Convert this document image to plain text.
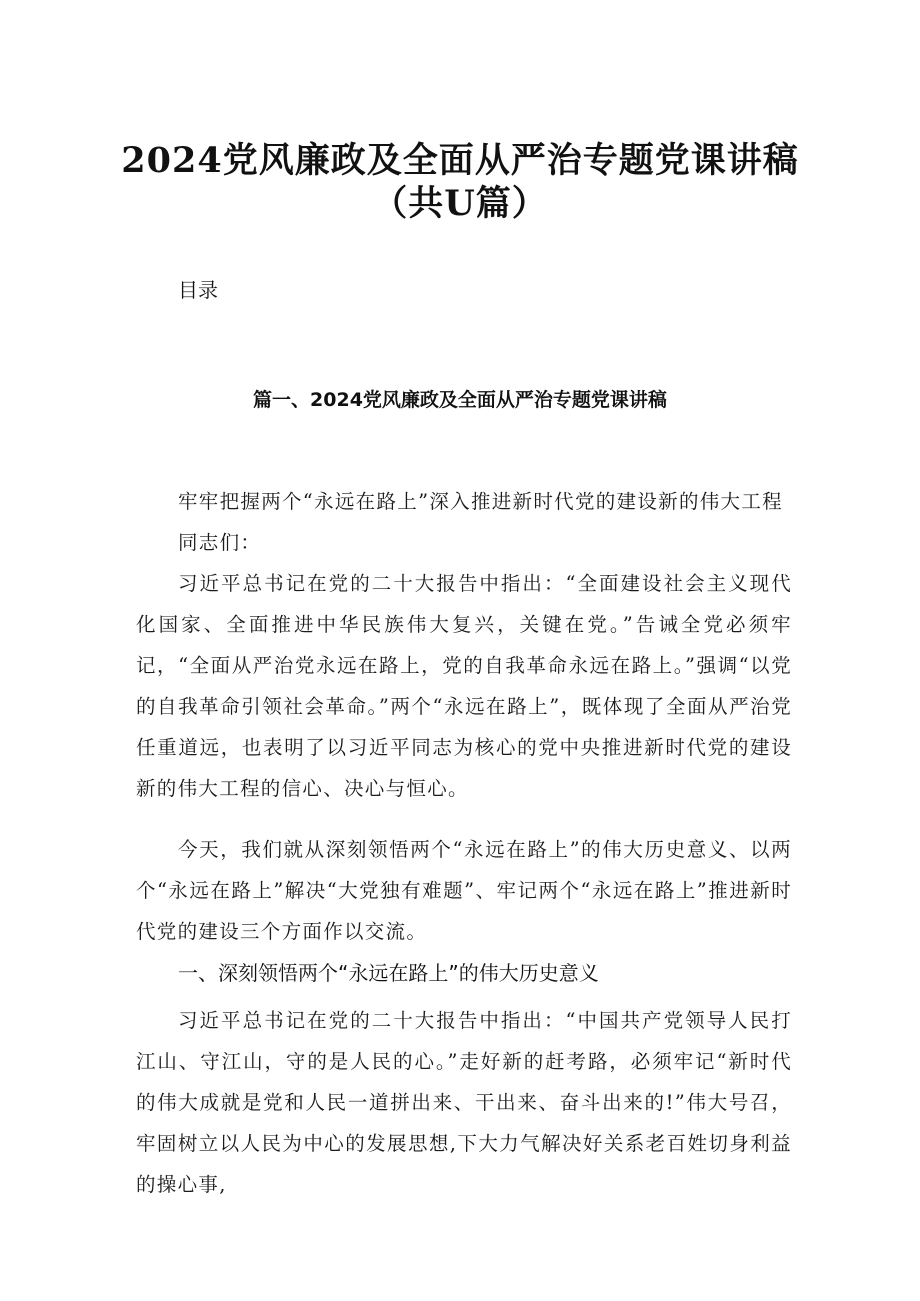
2024党风廉政及全面从严治专题党课讲稿
（共U篇）
目录
篇一、2024党风廉政及全面从严治专题党课讲稿
牢牢把握两个“永远在路上”深入推进新时代党的建设新的伟大工程
同志们：
习近平总书记在党的二十大报告中指出：“全面建设社会主义现代化国家、全面推进中华民族伟大复兴，关键在党。”告诫全党必须牢记，“全面从严治党永远在路上，党的自我革命永远在路上。”强调“以党的自我革命引领社会革命。”两个“永远在路上”，既体现了全面从严治党任重道远，也表明了以习近平同志为核心的党中央推进新时代党的建设新的伟大工程的信心、决心与恒心。
今天，我们就从深刻领悟两个“永远在路上”的伟大历史意义、以两个“永远在路上”解决“大党独有难题”、牢记两个“永远在路上”推进新时代党的建设三个方面作以交流。
一、深刻领悟两个“永远在路上”的伟大历史意义
习近平总书记在党的二十大报告中指出：“中国共产党领导人民打江山、守江山，守的是人民的心。”走好新的赶考路，必须牢记“新时代的伟大成就是党和人民一道拼出来、干出来、奋斗出来的!”伟大号召，牢固树立以人民为中心的发展思想,下大力气解决好关系老百姓切身利益的操心事,
